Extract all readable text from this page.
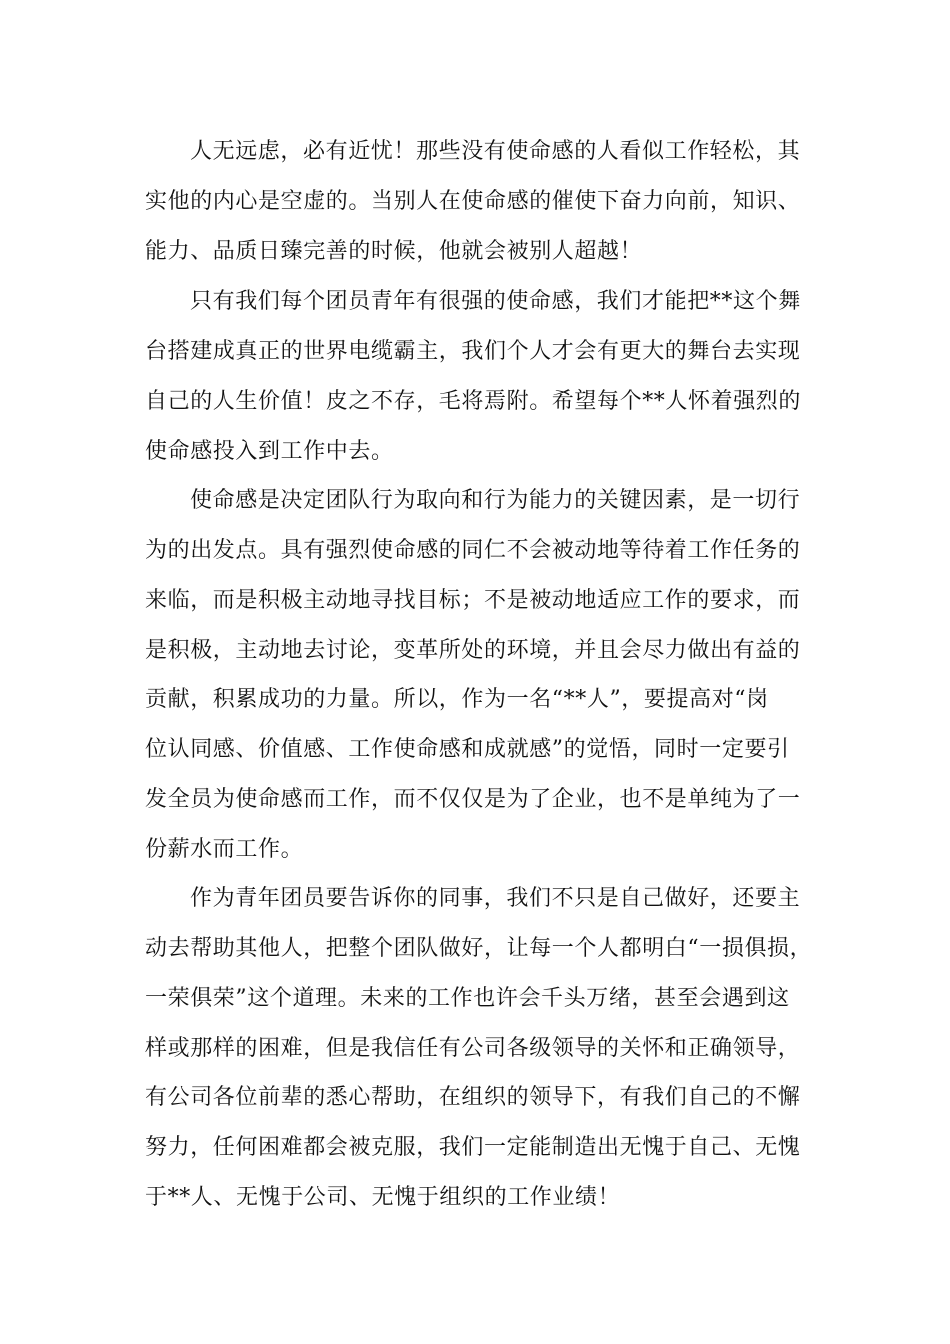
人无远虑，必有近忧！那些没有使命感的人看似工作轻松，其
实他的内心是空虚的。当别人在使命感的催使下奋力向前，知识、
能力、品质日臻完善的时候，他就会被别人超越！
只有我们每个团员青年有很强的使命感，我们才能把**这个舞
台搭建成真正的世界电缆霸主，我们个人才会有更大的舞台去实现
自己的人生价值！皮之不存，毛将焉附。希望每个**人怀着强烈的
使命感投入到工作中去。
使命感是决定团队行为取向和行为能力的关键因素，是一切行
为的出发点。具有强烈使命感的同仁不会被动地等待着工作任务的
来临，而是积极主动地寻找目标；不是被动地适应工作的要求，而
是积极，主动地去讨论，变革所处的环境，并且会尽力做出有益的
贡献，积累成功的力量。所以，作为一名“**人”，要提高对“岗
位认同感、价值感、工作使命感和成就感”的觉悟，同时一定要引
发全员为使命感而工作，而不仅仅是为了企业，也不是单纯为了一
份薪水而工作。
作为青年团员要告诉你的同事，我们不只是自己做好，还要主
动去帮助其他人，把整个团队做好，让每一个人都明白“一损俱损，
一荣俱荣”这个道理。未来的工作也许会千头万绪，甚至会遇到这
样或那样的困难，但是我信任有公司各级领导的关怀和正确领导，
有公司各位前辈的悉心帮助，在组织的领导下，有我们自己的不懈
努力，任何困难都会被克服，我们一定能制造出无愧于自己、无愧
于**人、无愧于公司、无愧于组织的工作业绩！
